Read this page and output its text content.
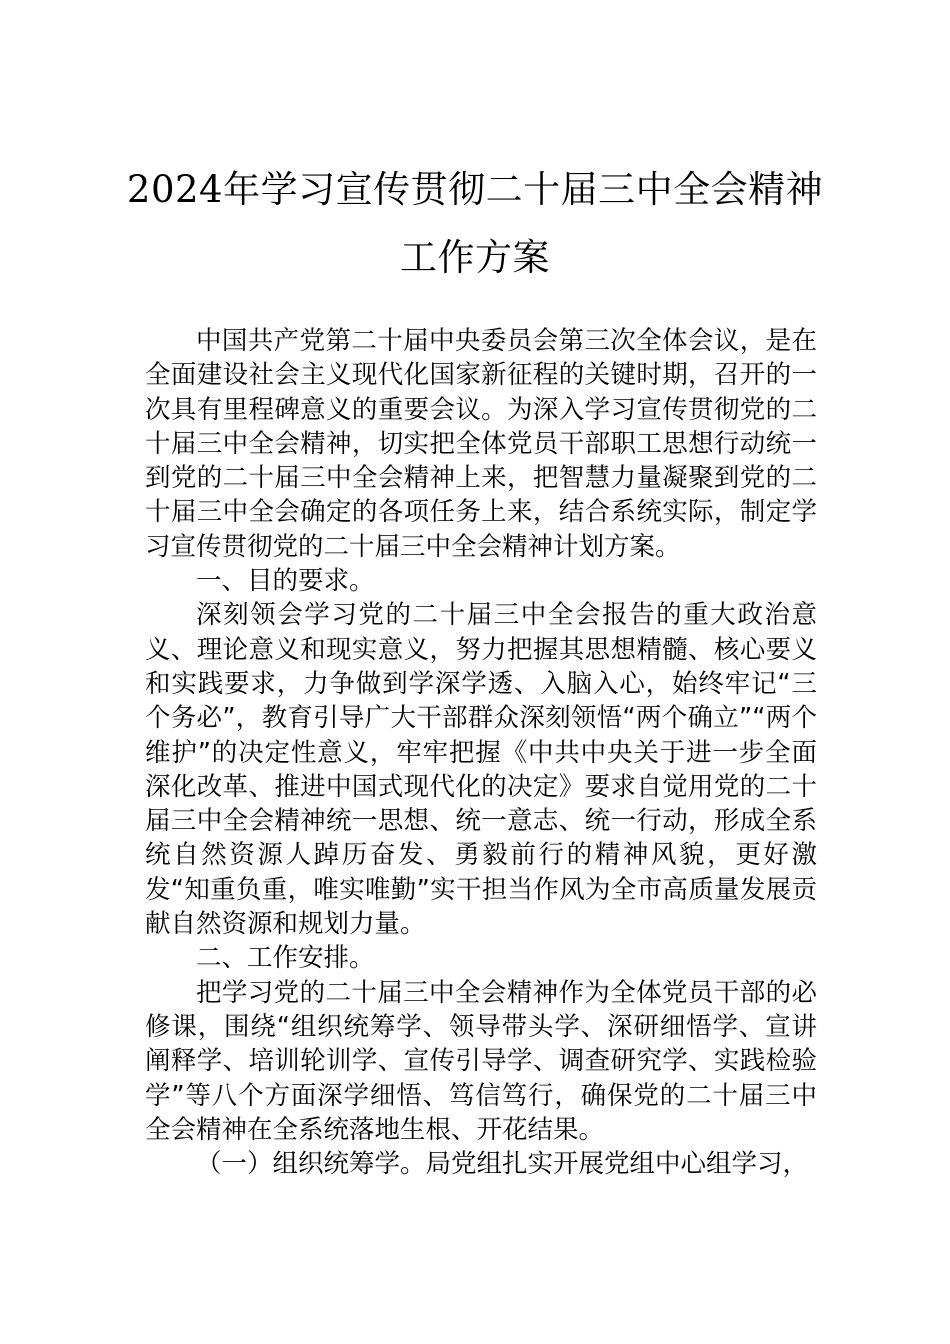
2024年学习宣传贯彻二十届三中全会精神
工作方案

中国共产党第二十届中央委员会第三次全体会议，是在全面建设社会主义现代化国家新征程的关键时期，召开的一次具有里程碑意义的重要会议。为深入学习宣传贯彻党的二十届三中全会精神，切实把全体党员干部职工思想行动统一到党的二十届三中全会精神上来，把智慧力量凝聚到党的二十届三中全会确定的各项任务上来，结合系统实际，制定学习宣传贯彻党的二十届三中全会精神计划方案。

一、目的要求。

深刻领会学习党的二十届三中全会报告的重大政治意义、理论意义和现实意义，努力把握其思想精髓、核心要义和实践要求，力争做到学深学透、入脑入心，始终牢记“三个务必”，教育引导广大干部群众深刻领悟“两个确立”“两个维护”的决定性意义，牢牢把握《中共中央关于进一步全面深化改革、推进中国式现代化的决定》要求自觉用党的二十届三中全会精神统一思想、统一意志、统一行动，形成全系统自然资源人踔历奋发、勇毅前行的精神风貌，更好激发“知重负重，唯实唯勤”实干担当作风为全市高质量发展贡献自然资源和规划力量。

二、工作安排。

把学习党的二十届三中全会精神作为全体党员干部的必修课，围绕“组织统筹学、领导带头学、深研细悟学、宣讲阐释学、培训轮训学、宣传引导学、调查研究学、实践检验学”等八个方面深学细悟、笃信笃行，确保党的二十届三中全会精神在全系统落地生根、开花结果。

（一）组织统筹学。局党组扎实开展党组中心组学习，
